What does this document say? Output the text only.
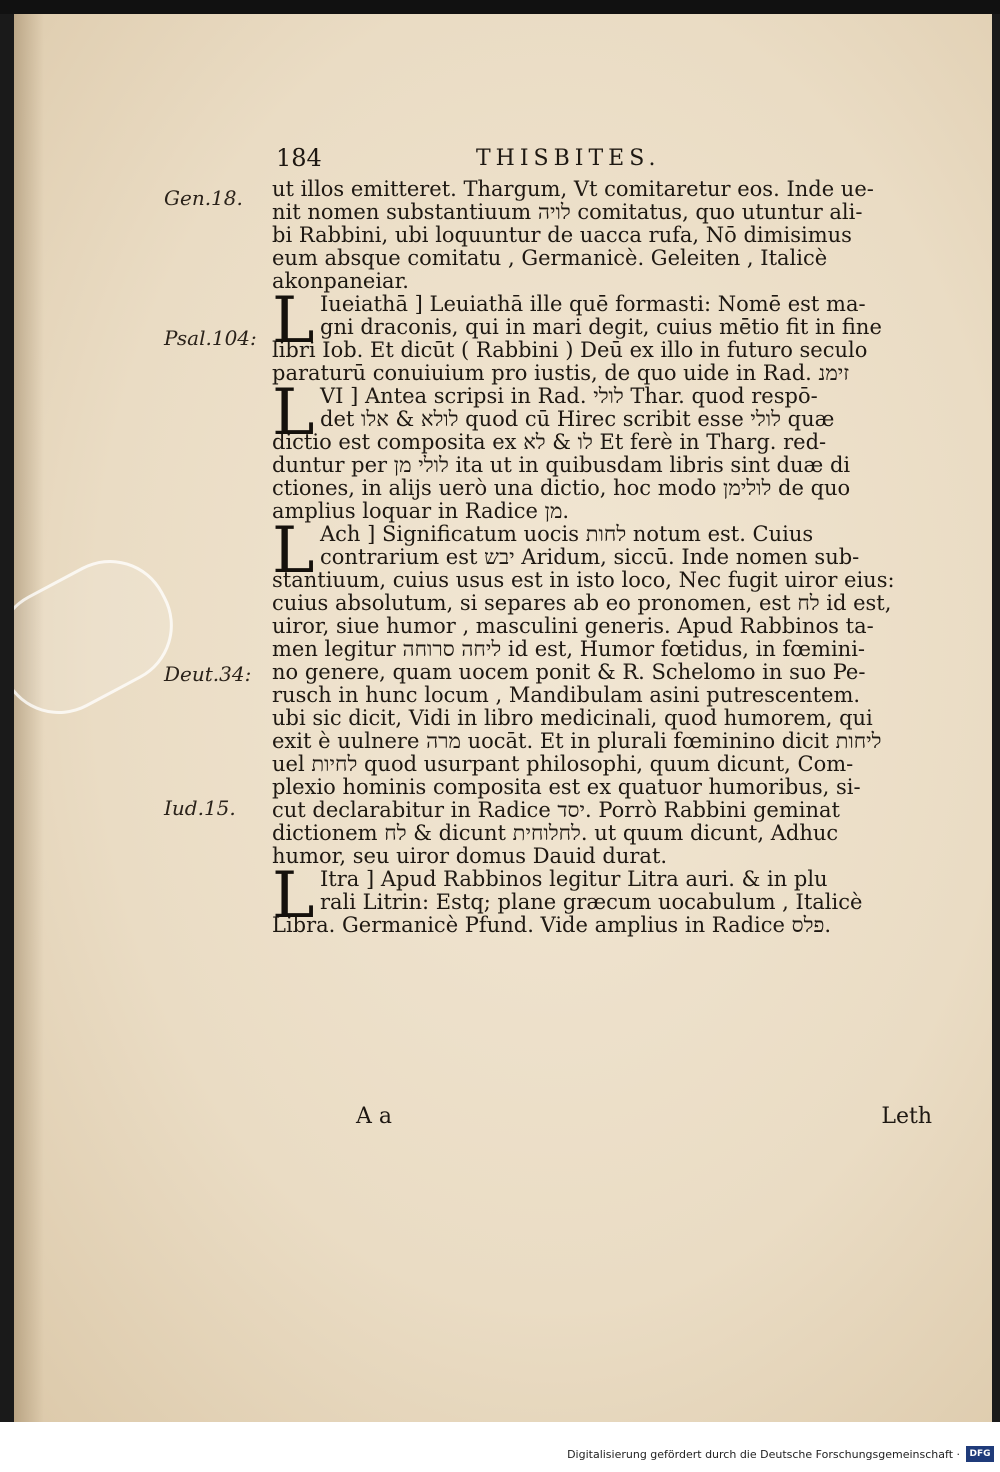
184	THISBITES.
Gen.18.
Psal.104:
Deut.34:
Iud.15.
ut illos emitteret. Thargum, Vt comitaretur eos. Inde ue-
nit nomen substantiuum לויה comitatus, quo utuntur ali-
bi Rabbini, ubi loquuntur de uacca rufa, Nō dimisimus
eum absque comitatu , Germanicè. Geleiten , Italicè
akonpaneiar.
L Iueiathā ] Leuiathā ille quē formasti: Nomē est ma-
gni draconis, qui in mari degit, cuius mētio fit in fine
libri Iob. Et dicūt ( Rabbini ) Deū ex illo in futuro seculo
paraturū conuiuium pro iustis, de quo uide in Rad. זימנ
L VI ] Antea scripsi in Rad. לולי Thar. quod respō-
det לולא & אלו quod cū Hirec scribit esse לולי quæ
dictio est composita ex לו & לא Et ferè in Tharg. red-
duntur per לולי מן ita ut in quibusdam libris sint duæ di
ctiones, in alijs uerò una dictio, hoc modo לולימן de quo
amplius loquar in Radice מן.
L Ach ] Significatum uocis לחות notum est. Cuius
contrarium est יבש Aridum, siccū. Inde nomen sub-
stantiuum, cuius usus est in isto loco, Nec fugit uiror eius:
cuius absolutum, si separes ab eo pronomen, est לח id est,
uiror, siue humor , masculini generis. Apud Rabbinos ta-
men legitur ליחה סרוחה id est, Humor fœtidus, in fœmini-
no genere, quam uocem ponit & R. Schelomo in suo Pe-
rusch in hunc locum , Mandibulam asini putrescentem.
ubi sic dicit, Vidi in libro medicinali, quod humorem, qui
exit è uulnere מרה uocāt. Et in plurali fœminino dicit ליחות
uel לחיות quod usurpant philosophi, quum dicunt, Com-
plexio hominis composita est ex quatuor humoribus, si-
cut declarabitur in Radice יסד. Porrò Rabbini geminat
dictionem לח & dicunt לחלוחית. ut quum dicunt, Adhuc
humor, seu uiror domus Dauid durat.
L Itra ] Apud Rabbinos legitur Litra auri. & in plu
rali Litrin: Estq; plane græcum uocabulum , Italicè
Libra. Germanicè Pfund. Vide amplius in Radice פלס.
A a	Leth
Digitalisierung gefördert durch die Deutsche Forschungsgemeinschaft ·	DFG
